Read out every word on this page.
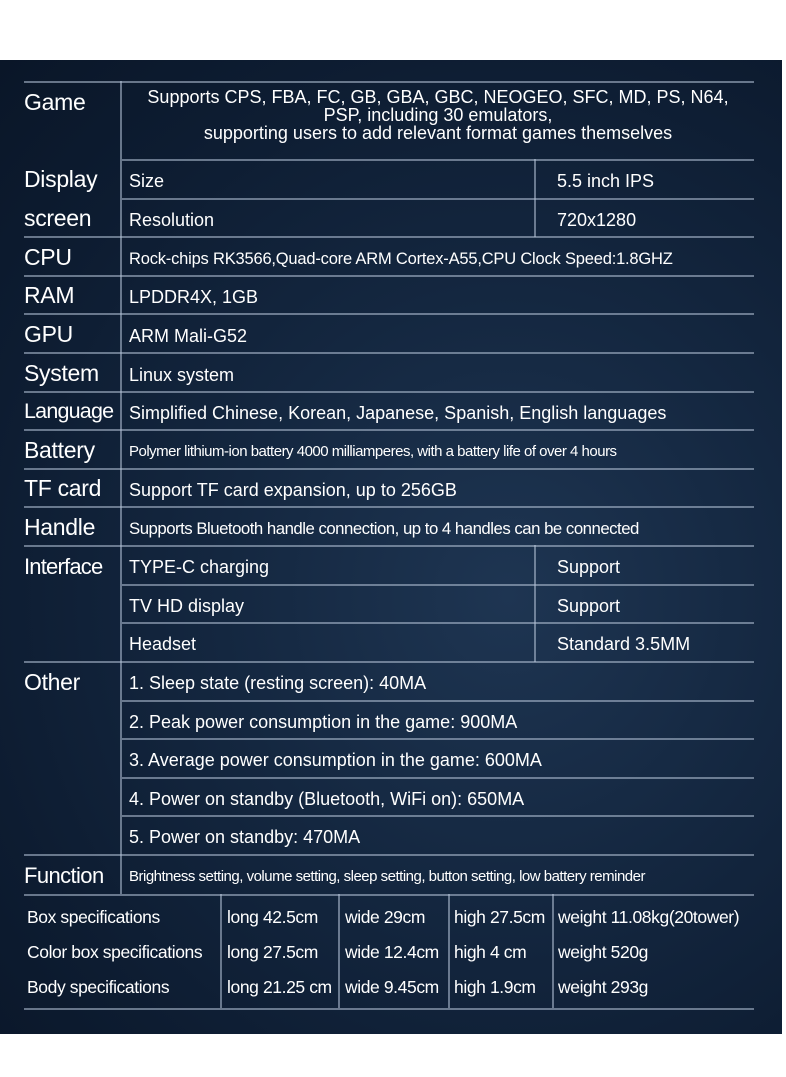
Game	Supports CPS, FBA, FC, GB, GBA, GBC, NEOGEO, SFC, MD, PS, N64,
PSP, including 30 emulators,
supporting users to add relevant format games themselves
Display
screen
Size	5.5 inch IPS
Resolution	720x1280
CPU	Rock-chips RK3566,Quad-core ARM Cortex-A55,CPU Clock Speed:1.8GHZ
RAM	LPDDR4X, 1GB
GPU	ARM Mali-G52
System Linux system
Language Simplified Chinese, Korean, Japanese, Spanish, English languages
Battery Polymer lithium-ion battery 4000 milliamperes, with a battery life of over 4 hours
TF card Support TF card expansion, up to 256GB
Handle Supports Bluetooth handle connection, up to 4 handles can be connected
Interface TYPE-C charging	Support
TV HD display	Support
Headset	Standard 3.5MM
Other	1. Sleep state (resting screen): 40MA
2. Peak power consumption in the game: 900MA
3. Average power consumption in the game: 600MA
4. Power on standby (Bluetooth, WiFi on): 650MA
5. Power on standby: 470MA
Function Brightness setting, volume setting, sleep setting, button setting, low battery reminder
Box specifications	long 42.5cm wide 29cm high 27.5cm weight 11.08kg(20tower)
Color box specifications long 27.5cm wide 12.4cm high 4 cm weight 520g
Body specifications	long 21.25 cm wide 9.45cm high 1.9cm weight 293g
